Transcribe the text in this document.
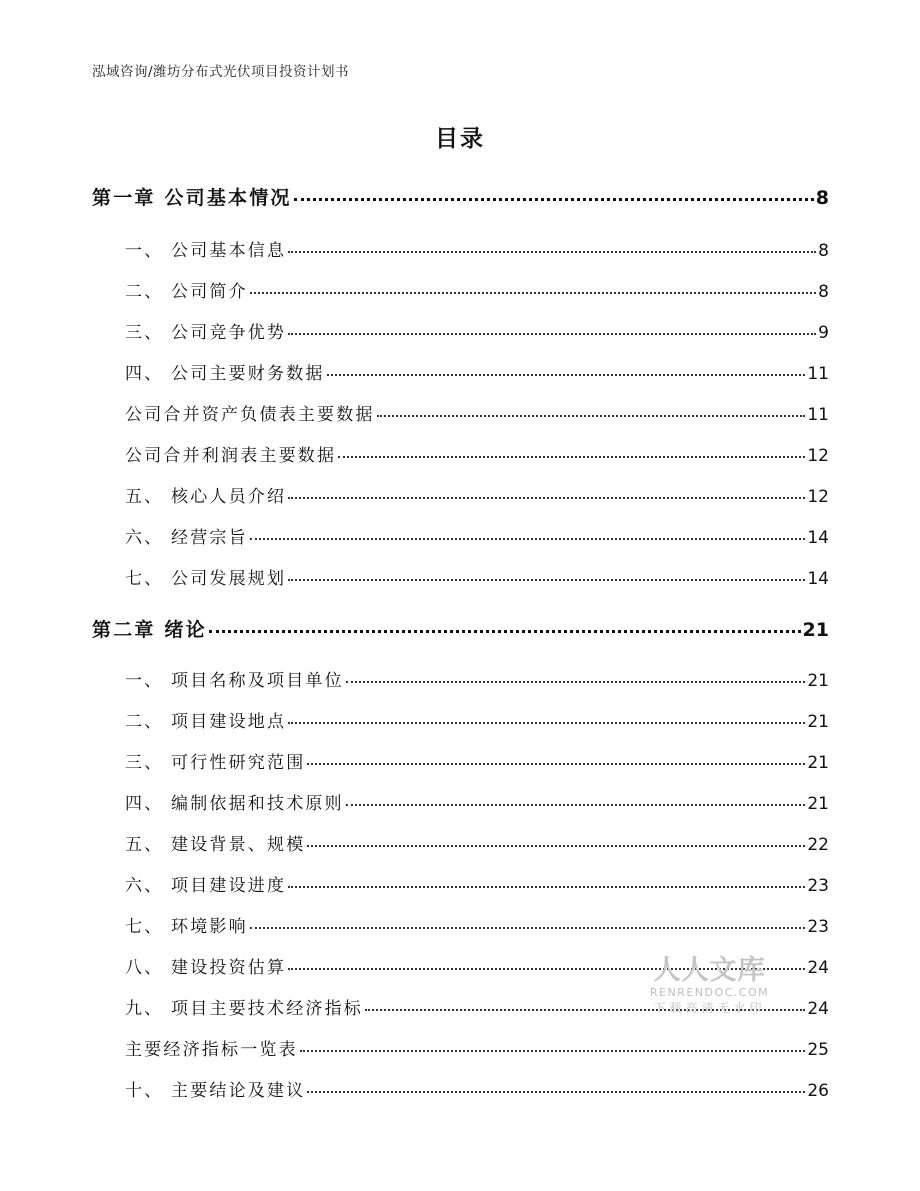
泓域咨询/潍坊分布式光伏项目投资计划书
目录
第一章 公司基本情况	8
一、 公司基本信息	8
二、 公司简介	8
三、 公司竞争优势	9
四、 公司主要财务数据	11
公司合并资产负债表主要数据	11
公司合并利润表主要数据	12
五、 核心人员介绍	12
六、 经营宗旨	14
七、 公司发展规划	14
第二章 绪论	21
一、 项目名称及项目单位	21
二、 项目建设地点	21
三、 可行性研究范围	21
四、 编制依据和技术原则	21
五、 建设背景、规模	22
六、 项目建设进度	23
七、 环境影响	23
八、 建设投资估算	24
九、 项目主要技术经济指标	24
主要经济指标一览表	25
十、 主要结论及建议	26
人人文库
RENRENDOC.COM
下载高清无水印
